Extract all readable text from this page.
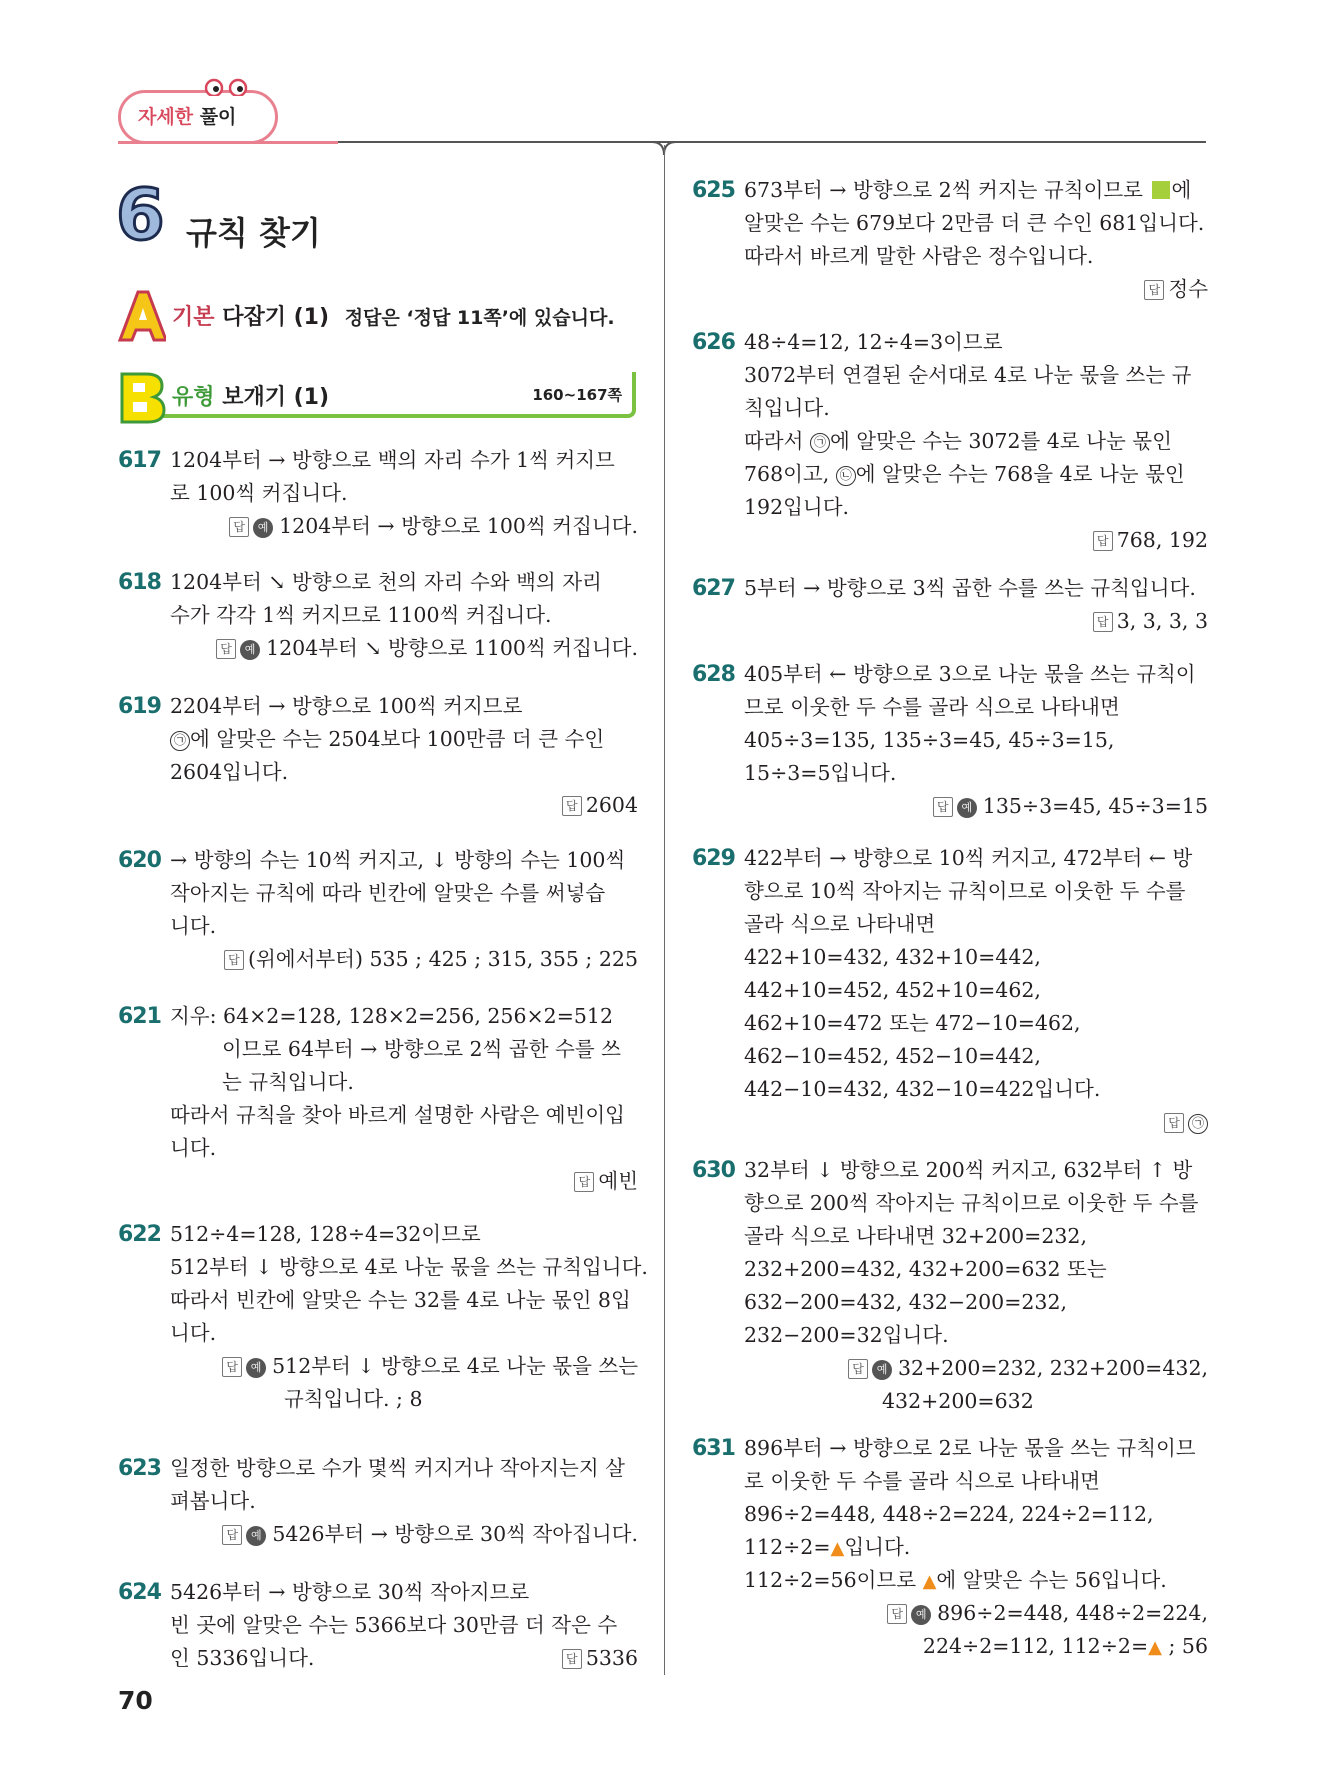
자세한 풀이
6 규칙 찾기
기본 다잡기 (1) 정답은 ‘정답 11쪽’에 있습니다.
유형 보개기 (1)	160~167쪽
617 1204부터 → 방향으로 백의 자리 수가 1씩 커지므
로 100씩 커집니다.
답 예 1204부터 → 방향으로 100씩 커집니다.
618 1204부터 ↘ 방향으로 천의 자리 수와 백의 자리
수가 각각 1씩 커지므로 1100씩 커집니다.
답 예 1204부터 ↘ 방향으로 1100씩 커집니다.
619 2204부터 → 방향으로 100씩 커지므로
㉠ 에 알맞은 수는 2504보다 100만큼 더 큰 수인
2604입니다.
답 2604
620 → 방향의 수는 10씩 커지고, ↓ 방향의 수는 100씩
작아지는 규칙에 따라 빈칸에 알맞은 수를 써넣습
니다.
답 (위에서부터) 535 ; 425 ; 315, 355 ; 225
621 지우: 64×2=128, 128×2=256, 256×2=512
이므로 64부터 → 방향으로 2씩 곱한 수를 쓰
는 규칙입니다.
따라서 규칙을 찾아 바르게 설명한 사람은 예빈이입
니다.
답 예빈
622 512÷4=128, 128÷4=32이므로
512부터 ↓ 방향으로 4로 나눈 몫을 쓰는 규칙입니다.
따라서 빈칸에 알맞은 수는 32를 4로 나눈 몫인 8입
니다.
답 예 512부터 ↓ 방향으로 4로 나눈 몫을 쓰는
규칙입니다. ; 8
623 일정한 방향으로 수가 몇씩 커지거나 작아지는지 살
펴봅니다.
답 예 5426부터 → 방향으로 30씩 작아집니다.
624 5426부터 → 방향으로 30씩 작아지므로
빈 곳에 알맞은 수는 5366보다 30만큼 더 작은 수
인 5336입니다.	답 5336
625 673부터 → 방향으로 2씩 커지는 규칙이므로 에
알맞은 수는 679보다 2만큼 더 큰 수인 681입니다.
따라서 바르게 말한 사람은 정수입니다.
답 정수
626 48÷4=12, 12÷4=3이므로
3072부터 연결된 순서대로 4로 나눈 몫을 쓰는 규
칙입니다.
따라서 ㉠ 에 알맞은 수는 3072를 4로 나눈 몫인
768이고, ㉡ 에 알맞은 수는 768을 4로 나눈 몫인
192입니다.
답 768, 192
627 5부터 → 방향으로 3씩 곱한 수를 쓰는 규칙입니다.
답 3, 3, 3, 3
628 405부터 ← 방향으로 3으로 나눈 몫을 쓰는 규칙이
므로 이웃한 두 수를 골라 식으로 나타내면
405÷3=135, 135÷3=45, 45÷3=15,
15÷3=5입니다.
답 예 135÷3=45, 45÷3=15
629 422부터 → 방향으로 10씩 커지고, 472부터 ← 방
향으로 10씩 작아지는 규칙이므로 이웃한 두 수를
골라 식으로 나타내면
422+10=432, 432+10=442,
442+10=452, 452+10=462,
462+10=472 또는 472−10=462,
462−10=452, 452−10=442,
442−10=432, 432−10=422입니다.
답 ㉠
630 32부터 ↓ 방향으로 200씩 커지고, 632부터 ↑ 방
향으로 200씩 작아지는 규칙이므로 이웃한 두 수를
골라 식으로 나타내면 32+200=232,
232+200=432, 432+200=632 또는
632−200=432, 432−200=232,
232−200=32입니다.
답 예 32+200=232, 232+200=432,
432+200=632
631 896부터 → 방향으로 2로 나눈 몫을 쓰는 규칙이므
로 이웃한 두 수를 골라 식으로 나타내면
896÷2=448, 448÷2=224, 224÷2=112,
112÷2=▲입니다.
112÷2=56이므로 ▲에 알맞은 수는 56입니다.
답 예 896÷2=448, 448÷2=224,
224÷2=112, 112÷2=▲ ; 56
70
